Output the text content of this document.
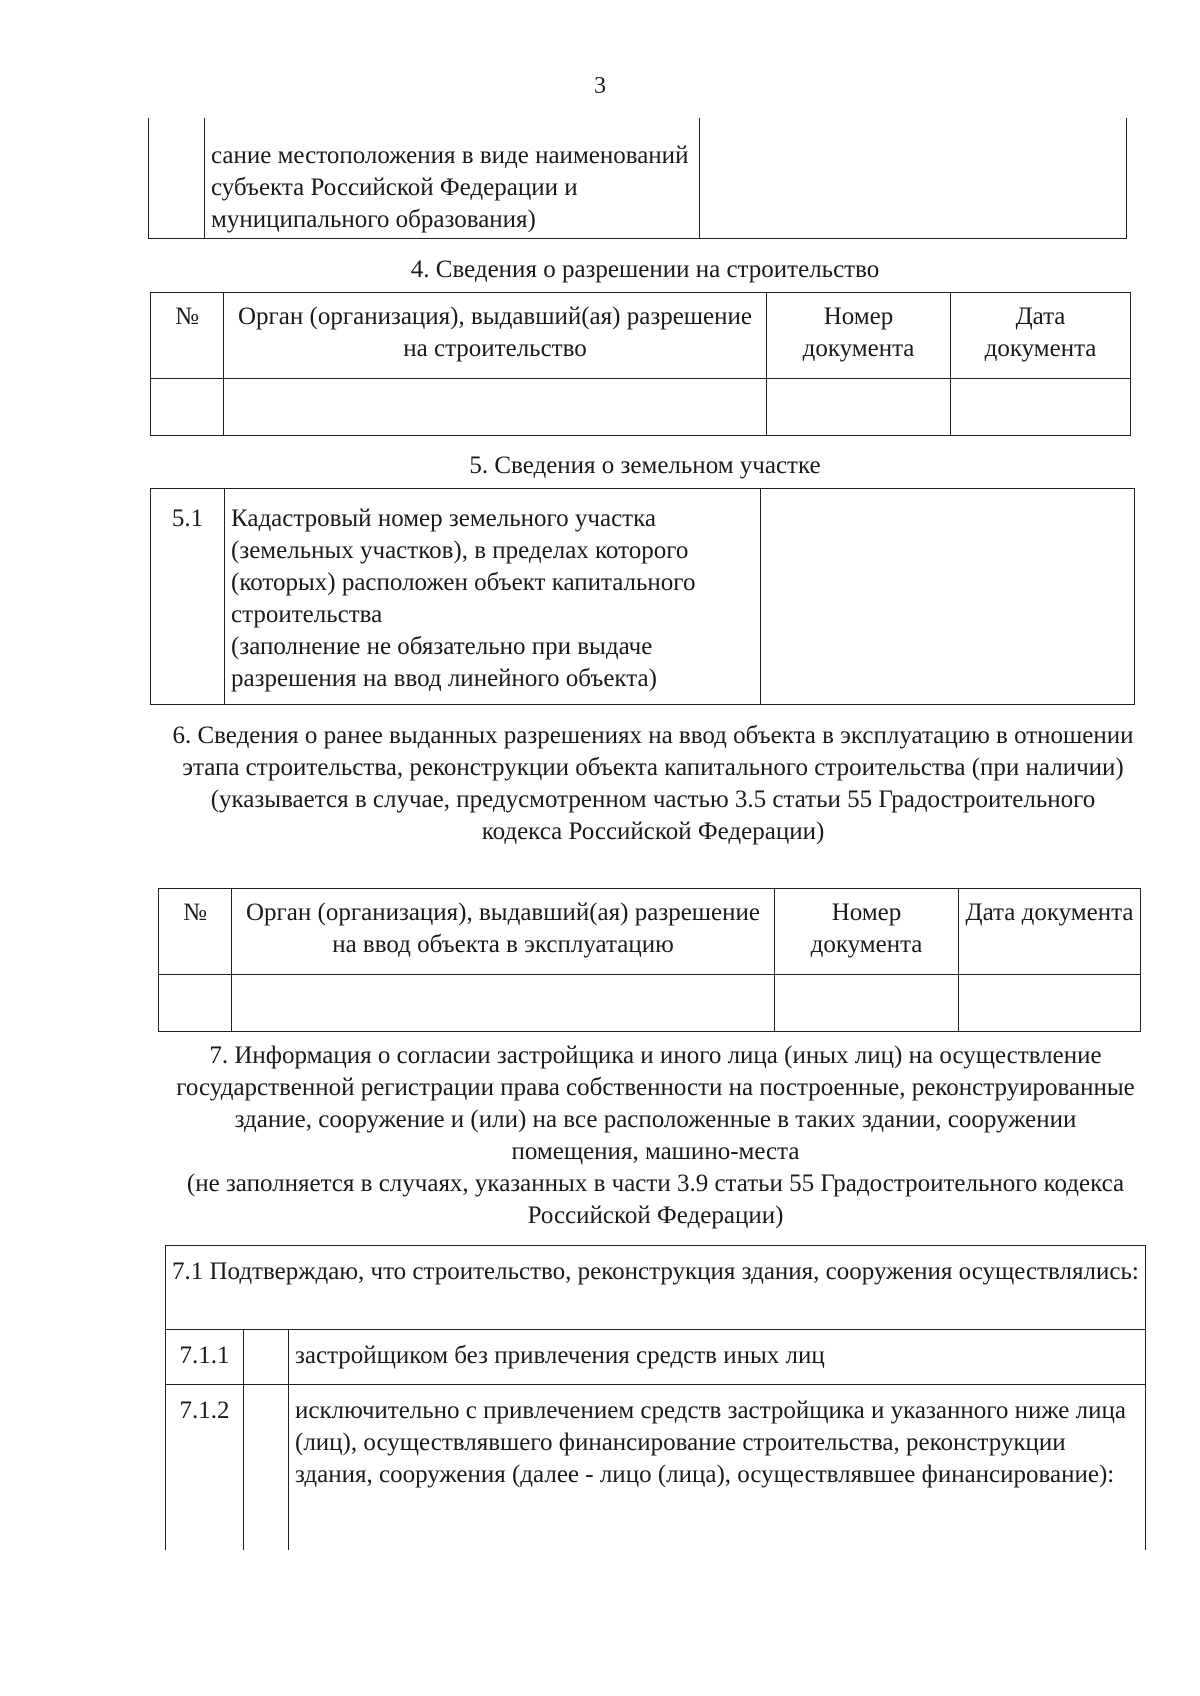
3
	сание местоположения в виде наименований субъекта Российской Федерации и муниципального образования)	
4. Сведения о разрешении на строительство
№	Орган (организация), выдавший(ая) разрешение на строительство	Номер документа	Дата документа

5. Сведения о земельном участке
5.1	Кадастровый номер земельного участка (земельных участков), в пределах которого (которых) расположен объект капитального строительства
(заполнение не обязательно при выдаче разрешения на ввод линейного объекта)

6. Сведения о ранее выданных разрешениях на ввод объекта в эксплуатацию в отношении этапа строительства, реконструкции объекта капитального строительства (при наличии)
(указывается в случае, предусмотренном частью 3.5 статьи 55 Градостроительного кодекса Российской Федерации)
№	Орган (организация), выдавший(ая) разрешение на ввод объекта в эксплуатацию	Номер документа	Дата документа

7. Информация о согласии застройщика и иного лица (иных лиц) на осуществление государственной регистрации права собственности на построенные, реконструированные здание, сооружение и (или) на все расположенные в таких здании, сооружении помещения, машино-места
(не заполняется в случаях, указанных в части 3.9 статьи 55 Градостроительного кодекса Российской Федерации)
7.1 Подтверждаю, что строительство, реконструкция здания, сооружения осуществлялись:		
7.1.1		застройщиком без привлечения средств иных лиц
7.1.2		исключительно с привлечением средств застройщика и указанного ниже лица (лиц), осуществлявшего финансирование строительства, реконструкции здания, сооружения (далее - лицо (лица), осуществлявшее финансирование):
